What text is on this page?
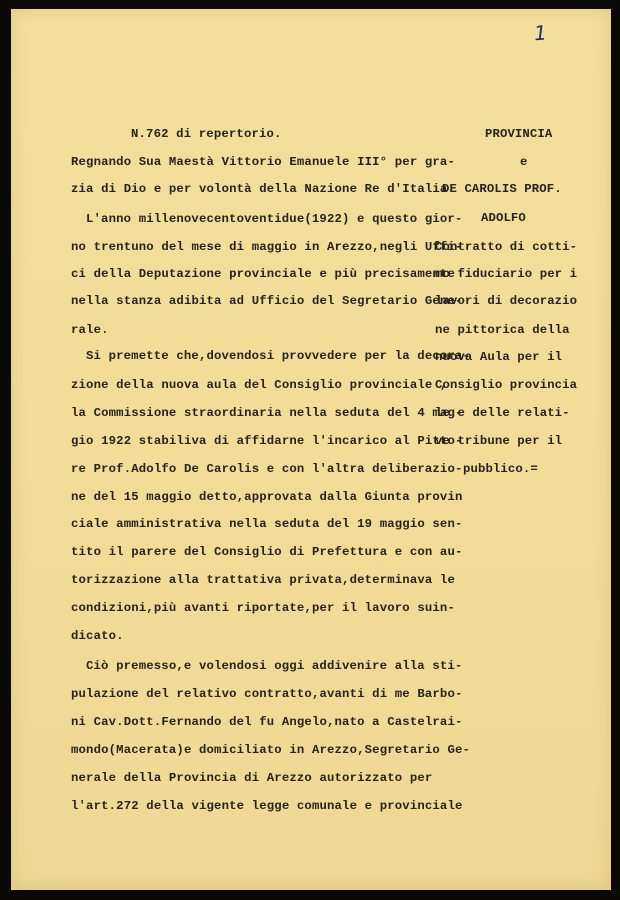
1
N.762 di repertorio.
Regnando Sua Maestà Vittorio Emanuele III° per gra-
zia di Dio e per volontà della Nazione Re d'Italia.
L'anno millenovecentoventidue(1922) e questo gior-
no trentuno del mese di maggio in Arezzo,negli Uffi-
ci della Deputazione provinciale e più precisamente
nella stanza adibita ad Ufficio del Segretario Gene-
rale.
Si premette che,dovendosi provvedere per la decora-
zione della nuova aula del Consiglio provinciale ,
la Commissione straordinaria nella seduta del 4 mag-
gio 1922 stabiliva di affidarne l'incarico al Pitto-
re Prof.Adolfo De Carolis e con l'altra deliberazio-
ne del 15 maggio detto,approvata dalla Giunta provin
ciale amministrativa nella seduta del 19 maggio sen-
tito il parere del Consiglio di Prefettura e con au-
torizzazione alla trattativa privata,determinava le
condizioni,più avanti riportate,per il lavoro suin-
dicato.
Ciò premesso,e volendosi oggi addivenire alla sti-
pulazione del relativo contratto,avanti di me Barbo-
ni Cav.Dott.Fernando del fu Angelo,nato a Castelrai-
mondo(Macerata)e domiciliato in Arezzo,Segretario Ge-
nerale della Provincia di Arezzo autorizzato per
l'art.272 della vigente legge comunale e provinciale
PROVINCIA
e
DE CAROLIS PROF.
ADOLFO
Contratto di cotti-
mo fiduciario per i
lavori di decorazio
ne pittorica della
nuova Aula per il
Consiglio provincia
le e delle relati-
ve tribune per il
pubblico.=
